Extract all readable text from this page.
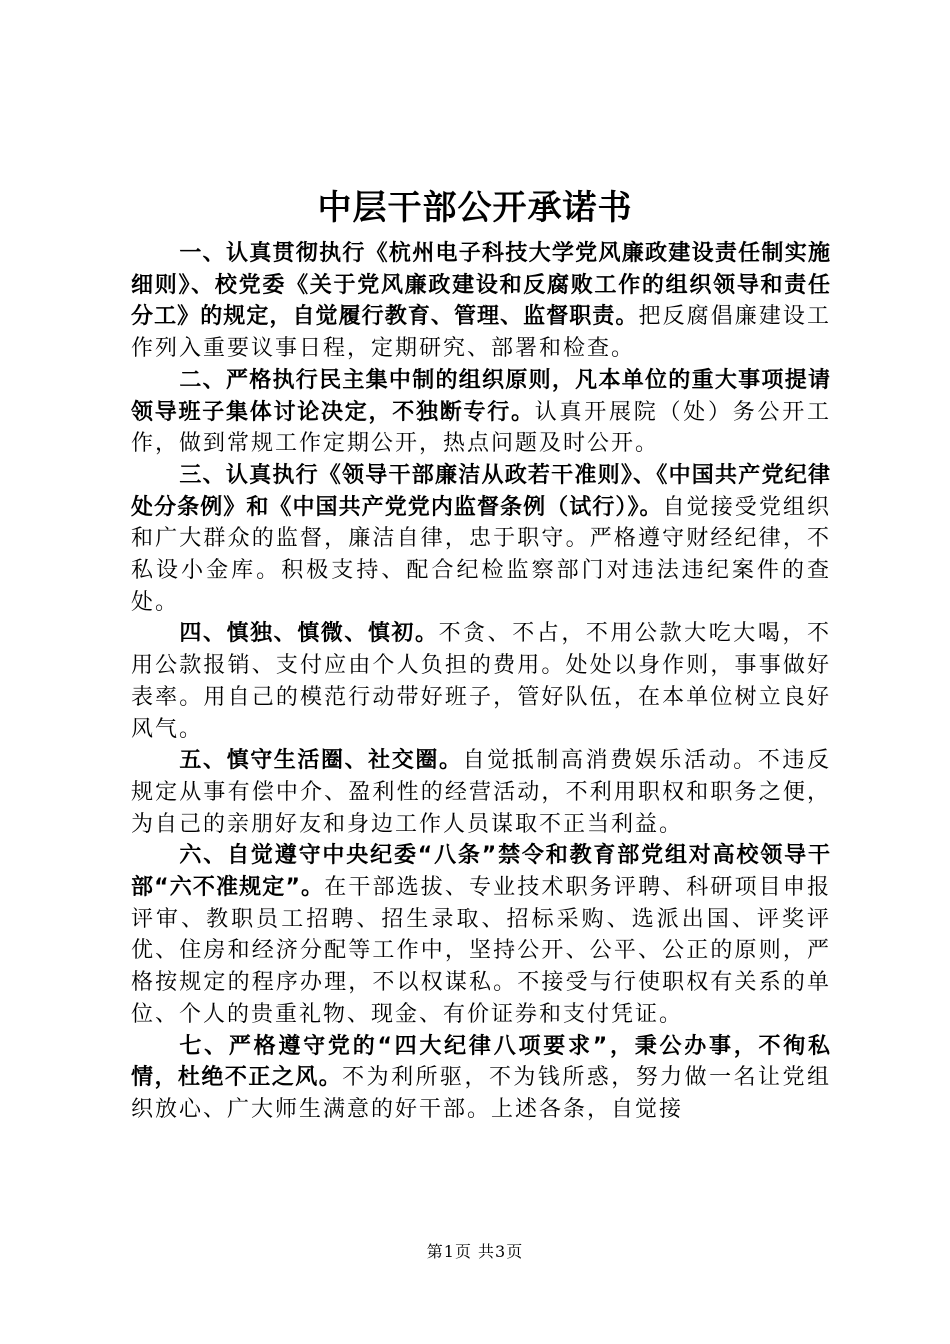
中层干部公开承诺书

一、认真贯彻执行《杭州电子科技大学党风廉政建设责任制实施细则》、校党委《关于党风廉政建设和反腐败工作的组织领导和责任分工》的规定，自觉履行教育、管理、监督职责。把反腐倡廉建设工作列入重要议事日程，定期研究、部署和检查。

二、严格执行民主集中制的组织原则，凡本单位的重大事项提请领导班子集体讨论决定，不独断专行。认真开展院（处）务公开工作，做到常规工作定期公开，热点问题及时公开。

三、认真执行《领导干部廉洁从政若干准则》、《中国共产党纪律处分条例》和《中国共产党党内监督条例（试行）》。自觉接受党组织和广大群众的监督，廉洁自律，忠于职守。严格遵守财经纪律，不私设小金库。积极支持、配合纪检监察部门对违法违纪案件的查处。

四、慎独、慎微、慎初。不贪、不占，不用公款大吃大喝，不用公款报销、支付应由个人负担的费用。处处以身作则，事事做好表率。用自己的模范行动带好班子，管好队伍，在本单位树立良好风气。

五、慎守生活圈、社交圈。自觉抵制高消费娱乐活动。不违反规定从事有偿中介、盈利性的经营活动，不利用职权和职务之便，为自己的亲朋好友和身边工作人员谋取不正当利益。

六、自觉遵守中央纪委“八条”禁令和教育部党组对高校领导干部“六不准规定”。在干部选拔、专业技术职务评聘、科研项目申报评审、教职员工招聘、招生录取、招标采购、选派出国、评奖评优、住房和经济分配等工作中，坚持公开、公平、公正的原则，严格按规定的程序办理，不以权谋私。不接受与行使职权有关系的单位、个人的贵重礼物、现金、有价证券和支付凭证。

七、严格遵守党的“四大纪律八项要求”，秉公办事，不徇私情，杜绝不正之风。不为利所驱，不为钱所惑，努力做一名让党组织放心、广大师生满意的好干部。上述各条，自觉接

第1页 共3页
